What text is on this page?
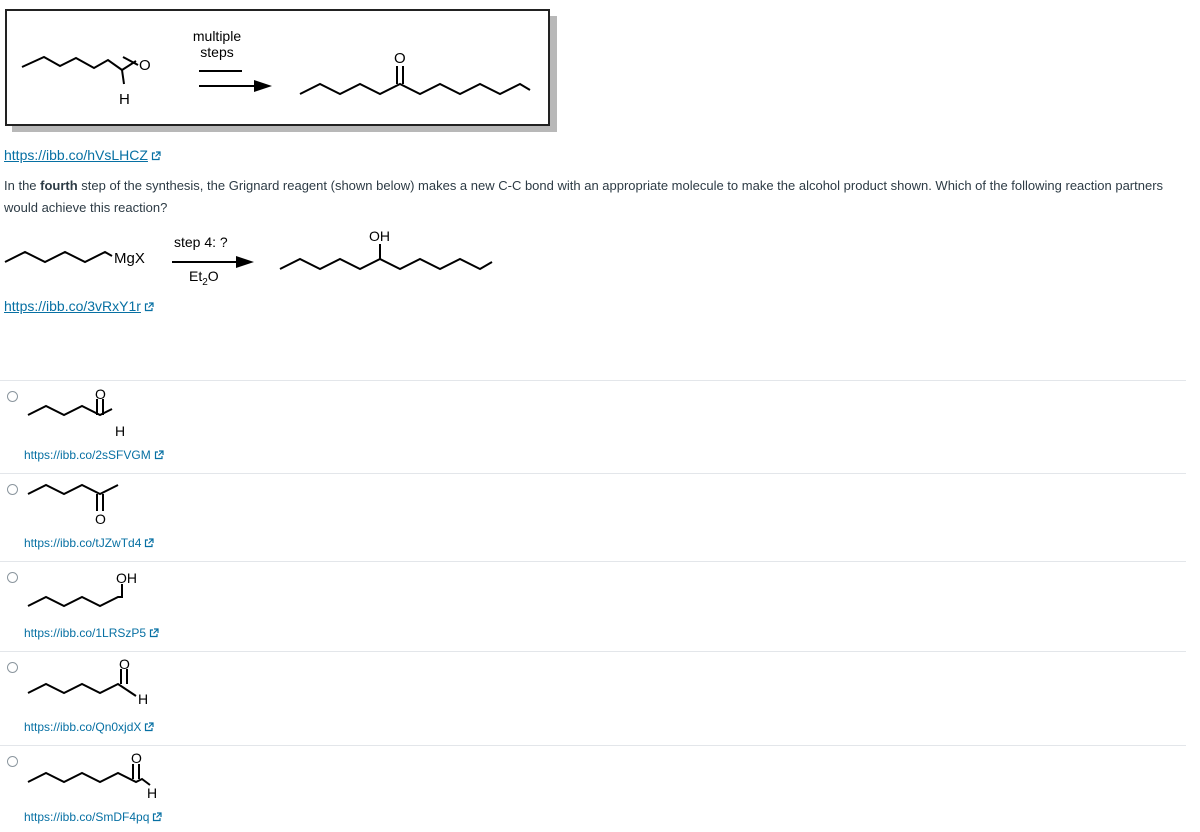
O
H
multiple
steps	O
https://ibb.co/hVsLHCZ
In the fourth step of the synthesis, the Grignard reagent (shown below) makes a new C-C bond with an appropriate molecule to make the alcohol product shown. Which of the following reaction partners would achieve this reaction?
MgX
step 4: ?
$Et_2O$
OH
https://ibb.co/3vRxY1r
O
H
https://ibb.co/2sSFVGM
O
https://ibb.co/tJZwTd4
OH
https://ibb.co/1LRSzP5
O
H
https://ibb.co/Qn0xjdX
O
H
https://ibb.co/SmDF4pq
